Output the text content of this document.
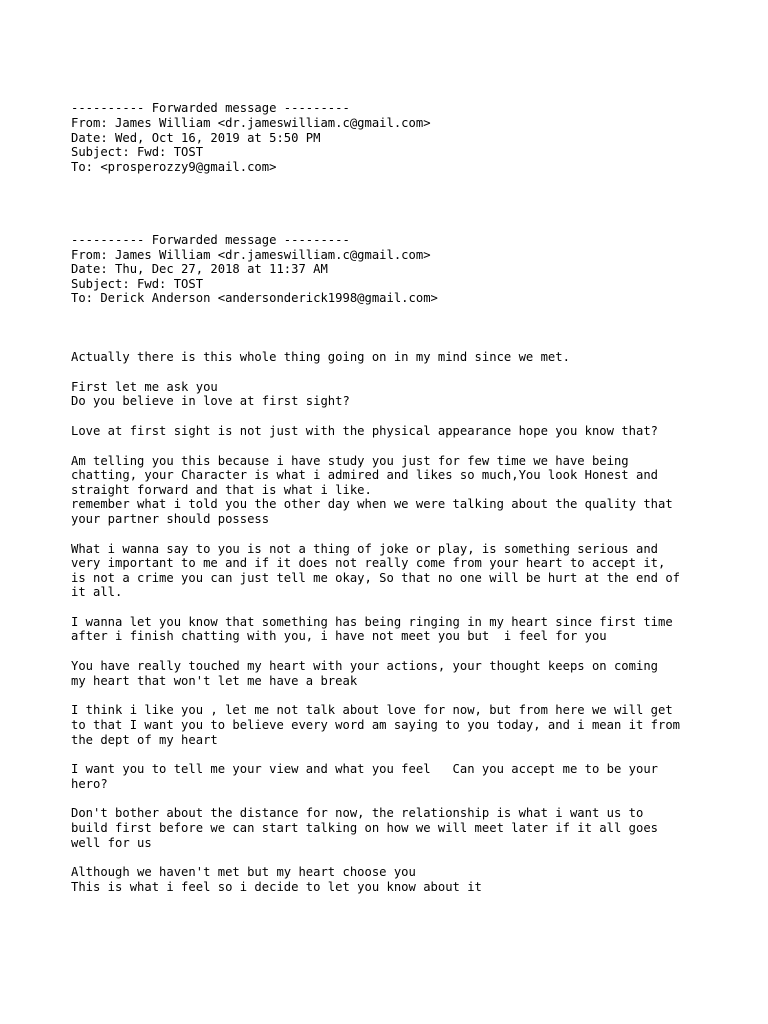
---------- Forwarded message ---------
From: James William <dr.jameswilliam.c@gmail.com>
Date: Wed, Oct 16, 2019 at 5:50 PM
Subject: Fwd: TOST
To: <prosperozzy9@gmail.com>
---------- Forwarded message ---------
From: James William <dr.jameswilliam.c@gmail.com>
Date: Thu, Dec 27, 2018 at 11:37 AM
Subject: Fwd: TOST
To: Derick Anderson <andersonderick1998@gmail.com>
Actually there is this whole thing going on in my mind since we met.
First let me ask you
Do you believe in love at first sight?
Love at first sight is not just with the physical appearance hope you know that?
Am telling you this because i have study you just for few time we have being
chatting, your Character is what i admired and likes so much,You look Honest and
straight forward and that is what i like.
remember what i told you the other day when we were talking about the quality that
your partner should possess
What i wanna say to you is not a thing of joke or play, is something serious and
very important to me and if it does not really come from your heart to accept it,
is not a crime you can just tell me okay, So that no one will be hurt at the end of
it all.
I wanna let you know that something has being ringing in my heart since first time
after i finish chatting with you, i have not meet you but  i feel for you
You have really touched my heart with your actions, your thought keeps on coming
my heart that won't let me have a break
I think i like you , let me not talk about love for now, but from here we will get
to that I want you to believe every word am saying to you today, and i mean it from
the dept of my heart
I want you to tell me your view and what you feel   Can you accept me to be your
hero?
Don't bother about the distance for now, the relationship is what i want us to
build first before we can start talking on how we will meet later if it all goes
well for us
Although we haven't met but my heart choose you
This is what i feel so i decide to let you know about it
